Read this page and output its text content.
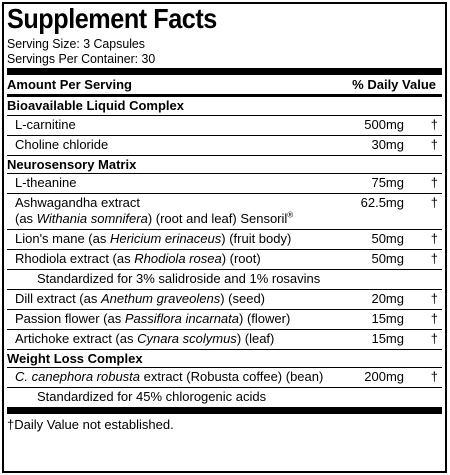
Supplement Facts
Serving Size: 3 Capsules
Servings Per Container: 30
Amount Per Serving	% Daily Value
Bioavailable Liquid Complex
L-carnitine	500mg	†
Choline chloride	30mg	†
Neurosensory Matrix
L-theanine	75mg	†
Ashwagandha extract
(as Withania somnifera) (root and leaf) Sensoril®
62.5mg	†
Lion's mane (as Hericium erinaceus) (fruit body)	50mg	†
Rhodiola extract (as Rhodiola rosea) (root)	50mg	†
Standardized for 3% salidroside and 1% rosavins
Dill extract (as Anethum graveolens) (seed)	20mg	†
Passion flower (as Passiflora incarnata) (flower)	15mg	†
Artichoke extract (as Cynara scolymus) (leaf)	15mg	†
Weight Loss Complex
C. canephora robusta extract (Robusta coffee) (bean)	200mg	†
Standardized for 45% chlorogenic acids
†Daily Value not established.
